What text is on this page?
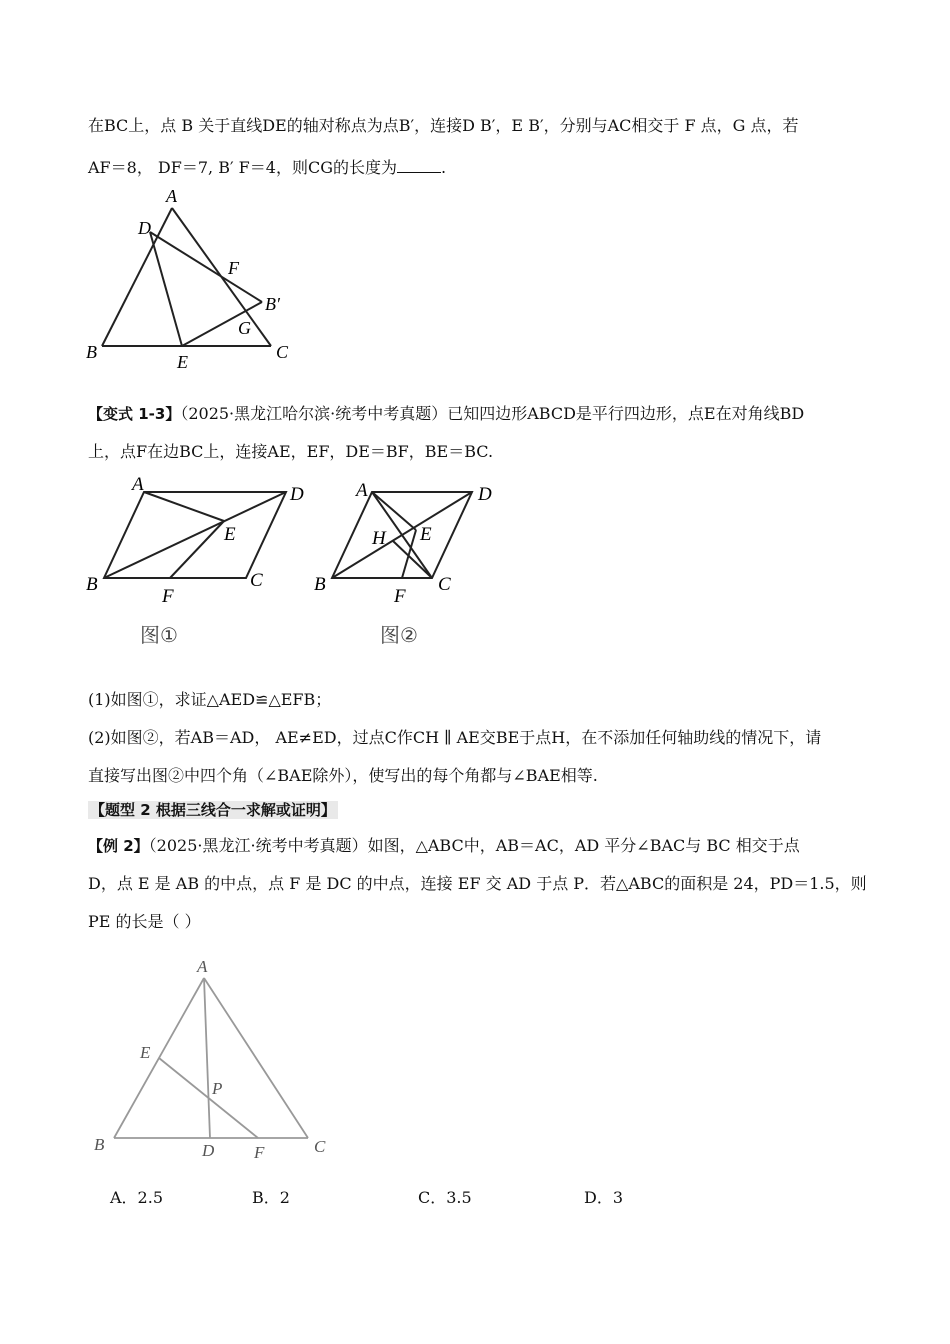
在BC上，点 B 关于直线DE的轴对称点为点B′，连接D B′，E B′，分别与AC相交于 F 点，G 点，若
AF＝8， DF＝7, B′ F＝4，则CG的长度为	.
A
D
F
B′
G
B	E	C
【变式 1-3】（2025·黑龙江哈尔滨·统考中考真题）已知四边形ABCD是平行四边形，点E在对角线BD
上，点F在边BC上，连接AE，EF，DE＝BF，BE＝BC.
A	D
E
B
F
C
A	D
H E
B
F
C
图①	图②
(1)如图①，求证△AED≌△EFB；
(2)如图②，若AB＝AD， AE≠ED，过点C作CH ∥ AE交BE于点H，在不添加任何轴助线的情况下，请
直接写出图②中四个角（∠BAE除外），使写出的每个角都与∠BAE相等.
【题型 2 根据三线合一求解或证明】
【例 2】（2025·黑龙江·统考中考真题）如图，△ABC中，AB＝AC，AD 平分∠BAC与 BC 相交于点
D，点 E 是 AB 的中点，点 F 是 DC 的中点，连接 EF 交 AD 于点 P．若△ABC的面积是 24，PD＝1.5，则
PE 的长是（ ）
A
E
P
B	D F	C
A．2.5	B．2	C．3.5	D．3
